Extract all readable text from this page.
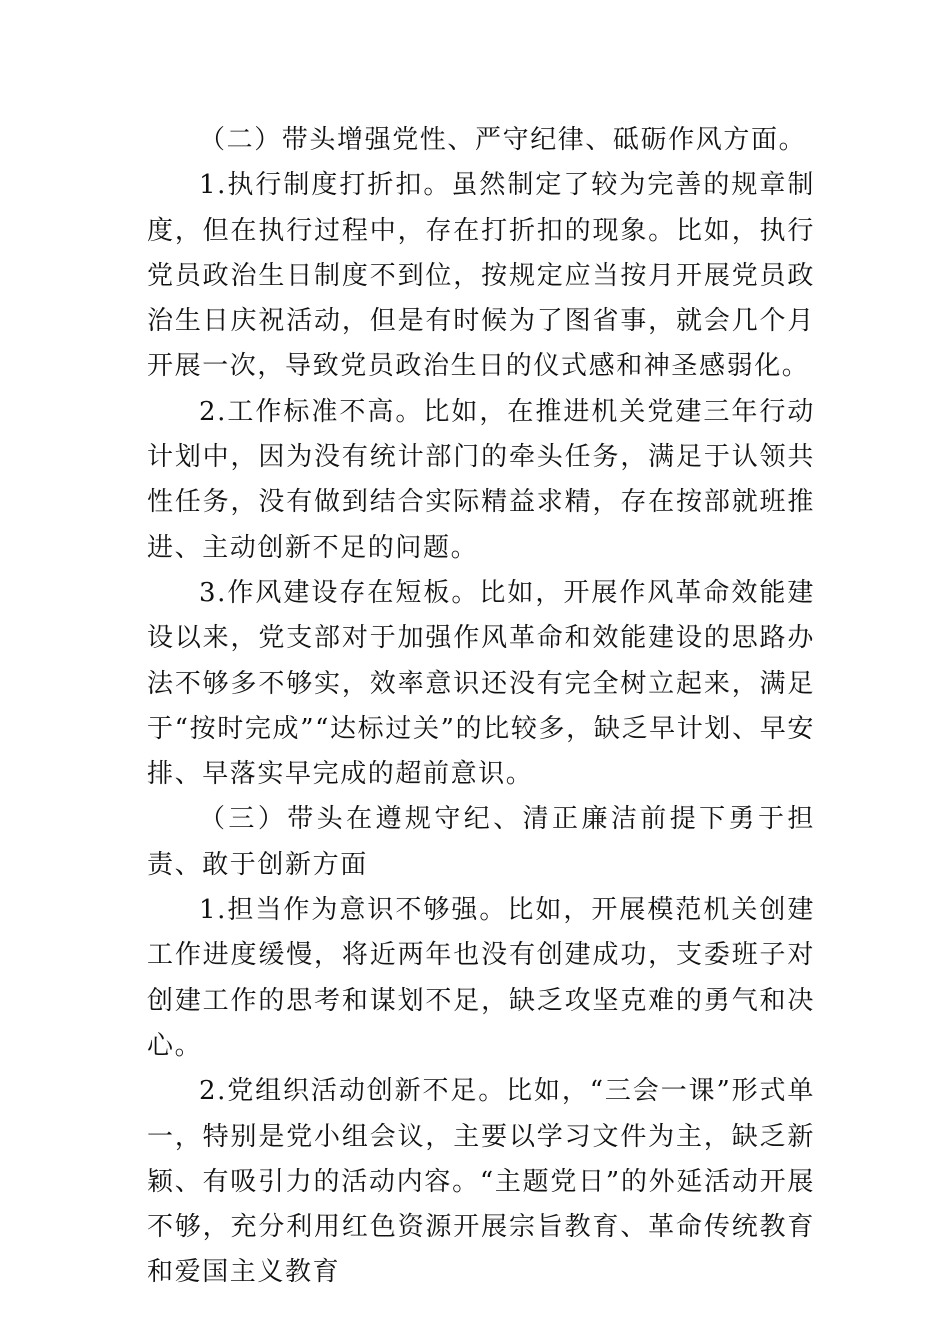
（二）带头增强党性、严守纪律、砥砺作风方面。

1.执行制度打折扣。虽然制定了较为完善的规章制度，但在执行过程中，存在打折扣的现象。比如，执行党员政治生日制度不到位，按规定应当按月开展党员政治生日庆祝活动，但是有时候为了图省事，就会几个月开展一次，导致党员政治生日的仪式感和神圣感弱化。

2.工作标准不高。比如，在推进机关党建三年行动计划中，因为没有统计部门的牵头任务，满足于认领共性任务，没有做到结合实际精益求精，存在按部就班推进、主动创新不足的问题。

3.作风建设存在短板。比如，开展作风革命效能建设以来，党支部对于加强作风革命和效能建设的思路办法不够多不够实，效率意识还没有完全树立起来，满足于“按时完成”“达标过关”的比较多，缺乏早计划、早安排、早落实早完成的超前意识。

（三）带头在遵规守纪、清正廉洁前提下勇于担责、敢于创新方面

1.担当作为意识不够强。比如，开展模范机关创建工作进度缓慢，将近两年也没有创建成功，支委班子对创建工作的思考和谋划不足，缺乏攻坚克难的勇气和决心。

2.党组织活动创新不足。比如，“三会一课”形式单一，特别是党小组会议，主要以学习文件为主，缺乏新颖、有吸引力的活动内容。“主题党日”的外延活动开展不够，充分利用红色资源开展宗旨教育、革命传统教育和爱国主义教育
